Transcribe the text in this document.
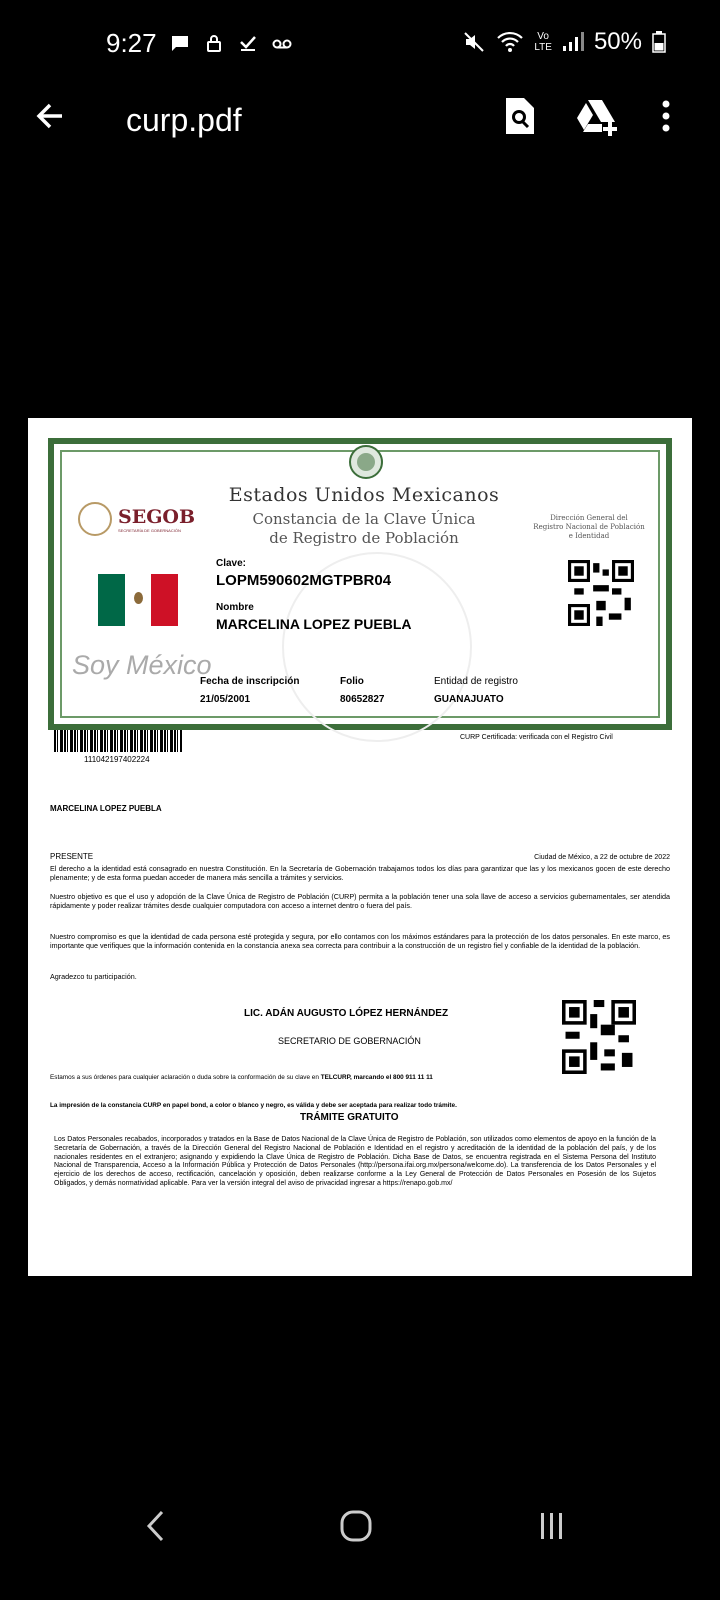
9:27	Vo
LTE 50%
curp.pdf
Estados Unidos Mexicanos
Constancia de la Clave Única
de Registro de Población
SEGOB
SECRETARÍA DE GOBERNACIÓN
Dirección General del
Registro Nacional de Población
e Identidad
Soy México
Clave:
LOPM590602MGTPBR04
Nombre
MARCELINA LOPEZ PUEBLA
Fecha de inscripción
21/05/2001
Folio
80652827
Entidad de registro
GUANAJUATO
111042197402224
CURP Certificada: verificada con el Registro Civil
MARCELINA LOPEZ PUEBLA
PRESENTE	Ciudad de México, a 22 de octubre de 2022
El derecho a la identidad está consagrado en nuestra Constitución. En la Secretaría de Gobernación trabajamos todos los días para garantizar que las y los mexicanos gocen de este derecho plenamente; y de esta forma puedan acceder de manera más sencilla a trámites y servicios.
Nuestro objetivo es que el uso y adopción de la Clave Única de Registro de Población (CURP) permita a la población tener una sola llave de acceso a servicios gubernamentales, ser atendida rápidamente y poder realizar trámites desde cualquier computadora con acceso a internet dentro o fuera del país.
Nuestro compromiso es que la identidad de cada persona esté protegida y segura, por ello contamos con los máximos estándares para la protección de los datos personales. En este marco, es importante que verifiques que la información contenida en la constancia anexa sea correcta para contribuir a la construcción de un registro fiel y confiable de la identidad de la población.
Agradezco tu participación.
LIC. ADÁN AUGUSTO LÓPEZ HERNÁNDEZ
SECRETARIO DE GOBERNACIÓN
Estamos a sus órdenes para cualquier aclaración o duda sobre la conformación de su clave en TELCURP, marcando el 800 911 11 11
La impresión de la constancia CURP en papel bond, a color o blanco y negro, es válida y debe ser aceptada para realizar todo trámite.
TRÁMITE GRATUITO
Los Datos Personales recabados, incorporados y tratados en la Base de Datos Nacional de la Clave Única de Registro de Población, son utilizados como elementos de apoyo en la función de la Secretaría de Gobernación, a través de la Dirección General del Registro Nacional de Población e Identidad en el registro y acreditación de la identidad de la población del país, y de los nacionales residentes en el extranjero; asignando y expidiendo la Clave Única de Registro de Población. Dicha Base de Datos, se encuentra registrada en el Sistema Persona del Instituto Nacional de Transparencia, Acceso a la Información Pública y Protección de Datos Personales (http://persona.ifai.org.mx/persona/welcome.do). La transferencia de los Datos Personales y el ejercicio de los derechos de acceso, rectificación, cancelación y oposición, deben realizarse conforme a la Ley General de Protección de Datos Personales en Posesión de los Sujetos Obligados, y demás normatividad aplicable. Para ver la versión integral del aviso de privacidad ingresar a https://renapo.gob.mx/
